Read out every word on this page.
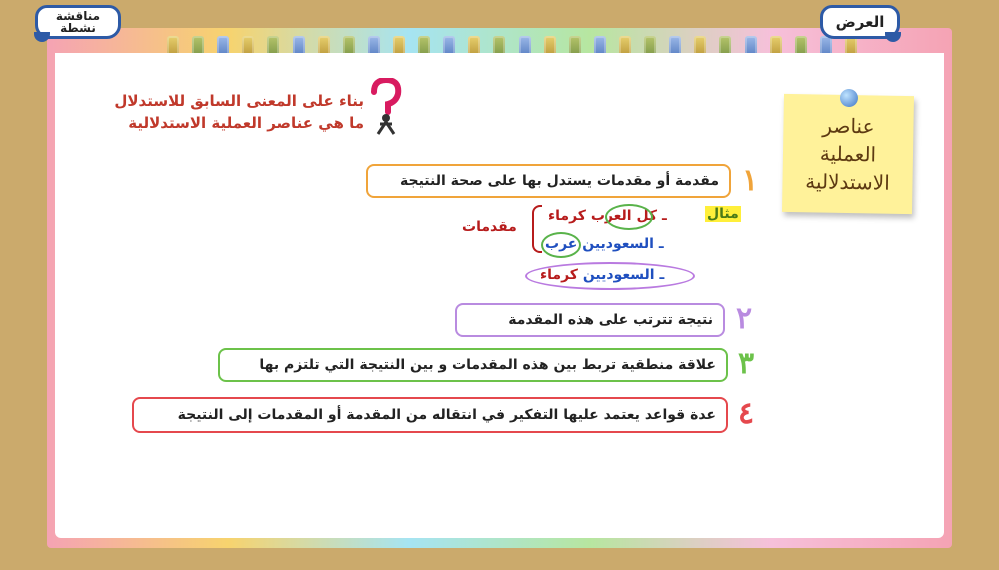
مناقشة
نشطة	العرض
عناصر
العملية
الاستدلالية
بناء على المعنى السابق للاستدلال
ما هي عناصر العملية الاستدلالية
مقدمة أو مقدمات يستدل بها على صحة النتيجة ١
مثال
ـ كل العرب كرماء
ـ السعوديين عرب
مقدمات
ـ السعوديين كرماء
نتيجة تترتب على هذه المقدمة ٢
علاقة منطقية تربط بين هذه المقدمات و بين النتيجة التي تلتزم بها ٣
عدة قواعد يعتمد عليها التفكير في انتقاله من المقدمة أو المقدمات إلى النتيجة ٤
